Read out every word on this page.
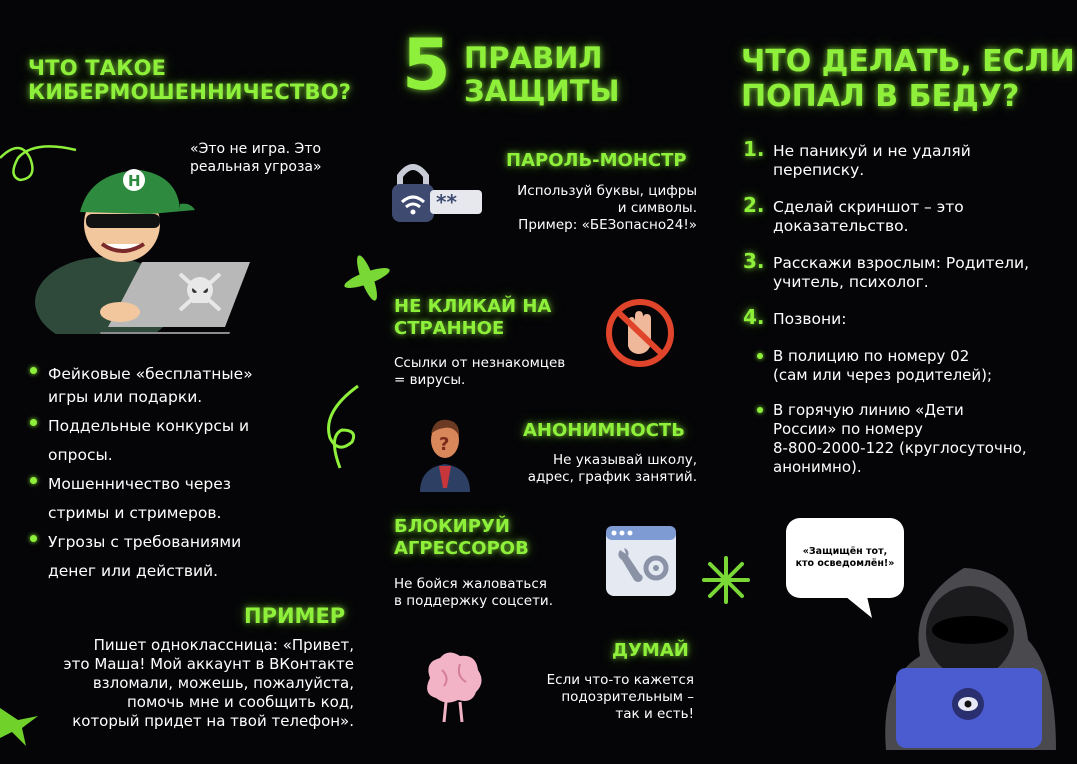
ЧТО ТАКОЕ
КИБЕРМОШЕННИЧЕСТВО?
«Это не игра. Это
реальная угроза»
H
Фейковые «бесплатные»
игры или подарки.
Поддельные конкурсы и
опросы.
Мошенничество через
стримы и стримеров.
Угрозы с требованиями
денег или действий.
ПРИМЕР
Пишет одноклассница: «Привет,
это Маша! Мой аккаунт в ВКонтакте
взломали, можешь, пожалуйста,
помочь мне и сообщить код,
который придет на твой телефон».
5 ПРАВИЛ
ЗАЩИТЫ
**
ПАРОЛЬ-МОНСТР
Используй буквы, цифры
и символы.
Пример: «БЕЗопасно24!»
НЕ КЛИКАЙ НА
СТРАННОЕ
Ссылки от незнакомцев
= вирусы.
?
АНОНИМНОСТЬ
Не указывай школу,
адрес, график занятий.
БЛОКИРУЙ
АГРЕССОРОВ
Не бойся жаловаться
в поддержку соцсети.
ДУМАЙ
Если что-то кажется
подозрительным –
так и есть!
ЧТО ДЕЛАТЬ, ЕСЛИ
ПОПАЛ В БЕДУ?
1. Не паникуй и не удаляй
переписку.
2. Сделай скриншот – это
доказательство.
3. Расскажи взрослым: Родители,
учитель, психолог.
4. Позвони:
В полицию по номеру 02
(сам или через родителей);
В горячую линию «Дети
России» по номеру
8-800-2000-122 (круглосуточно,
анонимно).
«Защищён тот,
кто осведомлён!»
